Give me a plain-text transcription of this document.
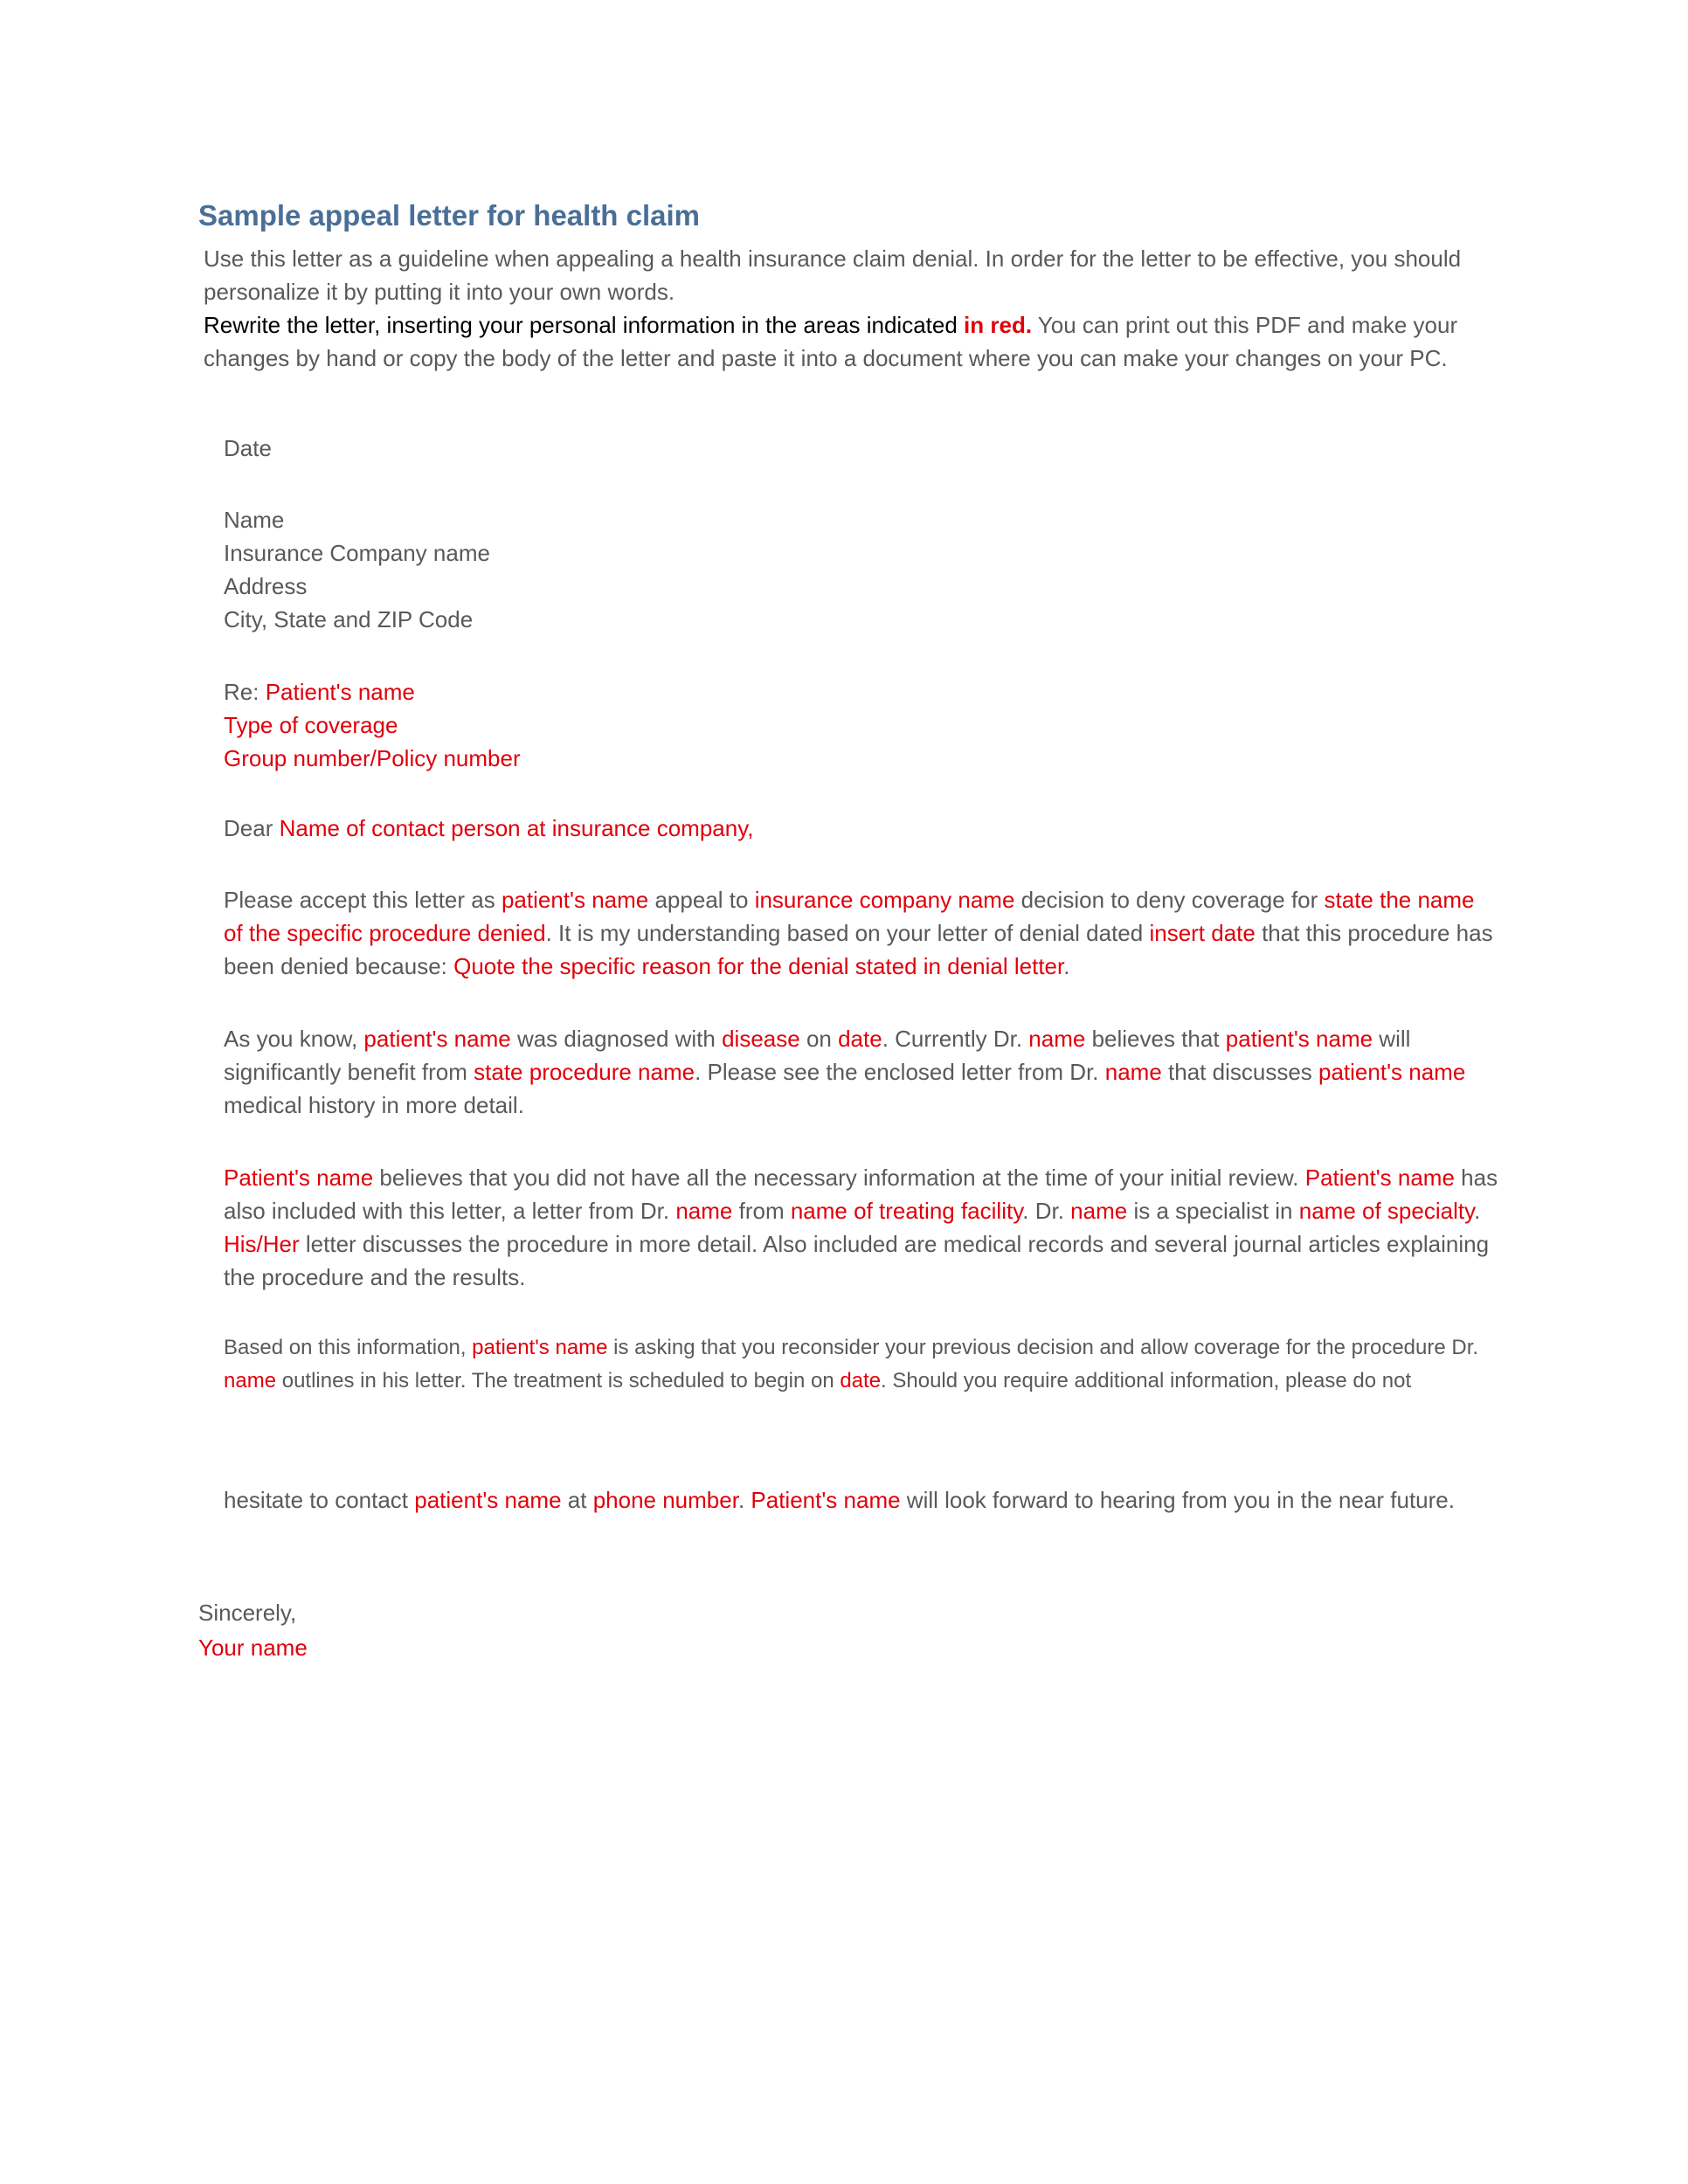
Sample appeal letter for health claim

Use this letter as a guideline when appealing a health insurance claim denial. In order for the letter to be effective, you should personalize it by putting it into your own words.

Rewrite the letter, inserting your personal information in the areas indicated in red. You can print out this PDF and make your changes by hand or copy the body of the letter and paste it into a document where you can make your changes on your PC.

Date

Name

Insurance Company name

Address

City, State and ZIP Code

Re: Patient's name

Type of coverage

Group number/Policy number

Dear Name of contact person at insurance company,
Please accept this letter as patient's name appeal to insurance company name decision to deny coverage for state the name of the specific procedure denied. It is my understanding based on your letter of denial dated insert date that this procedure has been denied because: Quote the specific reason for the denial stated in denial letter.
As you know, patient's name was diagnosed with disease on date. Currently Dr. name believes that patient's name will significantly benefit from state procedure name. Please see the enclosed letter from Dr. name that discusses patient's name medical history in more detail.
Patient's name believes that you did not have all the necessary information at the time of your initial review. Patient's name has also included with this letter, a letter from Dr. name from name of treating facility. Dr. name is a specialist in name of specialty. His/Her letter discusses the procedure in more detail. Also included are medical records and several journal articles explaining the procedure and the results.
Based on this information, patient's name is asking that you reconsider your previous decision and allow coverage for the procedure Dr. name outlines in his letter. The treatment is scheduled to begin on date. Should you require additional information, please do not
hesitate to contact patient's name at phone number. Patient's name will look forward to hearing from you in the near future.

Sincerely,

Your name
